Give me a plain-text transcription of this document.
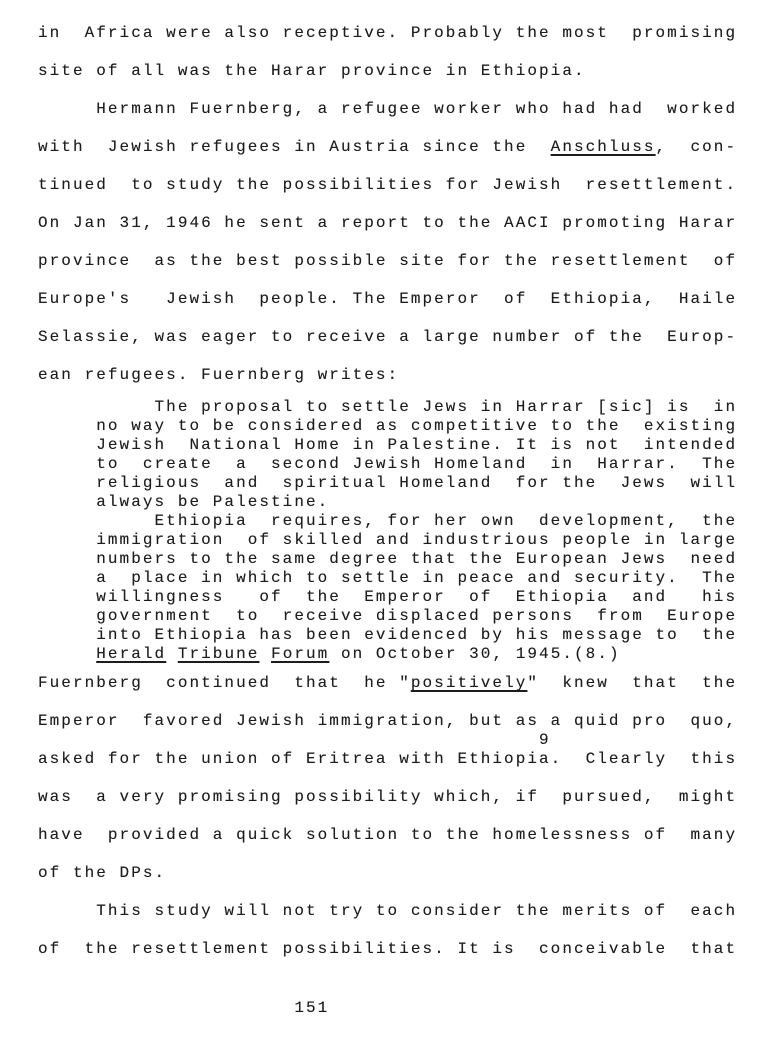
in  Africa were also receptive. Probably the most  promising
site of all was the Harar province in Ethiopia.
Hermann Fuernberg, a refugee worker who had had  worked
with  Jewish refugees in Austria since the  Anschluss,  con-
tinued  to study the possibilities for Jewish  resettlement.
On Jan 31, 1946 he sent a report to the AACI promoting Harar
province  as the best possible site for the resettlement  of
Europe's   Jewish  people. The Emperor  of  Ethiopia,  Haile
Selassie, was eager to receive a large number of the  Europ-
ean refugees. Fuernberg writes:
The proposal to settle Jews in Harrar [sic] is  in
no way to be considered as competitive to the  existing
Jewish  National Home in Palestine. It is not  intended
to  create  a  second Jewish Homeland  in  Harrar.  The
religious  and  spiritual Homeland  for the  Jews  will
always be Palestine.
Ethiopia  requires, for her own  development,  the
immigration  of skilled and industrious people in large
numbers to the same degree that the European Jews  need
a  place in which to settle in peace and security.  The
willingness   of  the  Emperor  of  Ethiopia  and   his
government  to  receive displaced persons  from  Europe
into Ethiopia has been evidenced by his message to  the
Herald Tribune Forum on October 30, 1945.(8.)
Fuernberg  continued  that  he "positively"  knew  that  the
Emperor  favored Jewish immigration, but as a quid pro  quo,
9
asked for the union of Eritrea with Ethiopia.  Clearly  this
was  a very promising possibility which, if  pursued,  might
have  provided a quick solution to the homelessness of  many
of the DPs.
This study will not try to consider the merits of  each
of  the resettlement possibilities. It is  conceivable  that
151
